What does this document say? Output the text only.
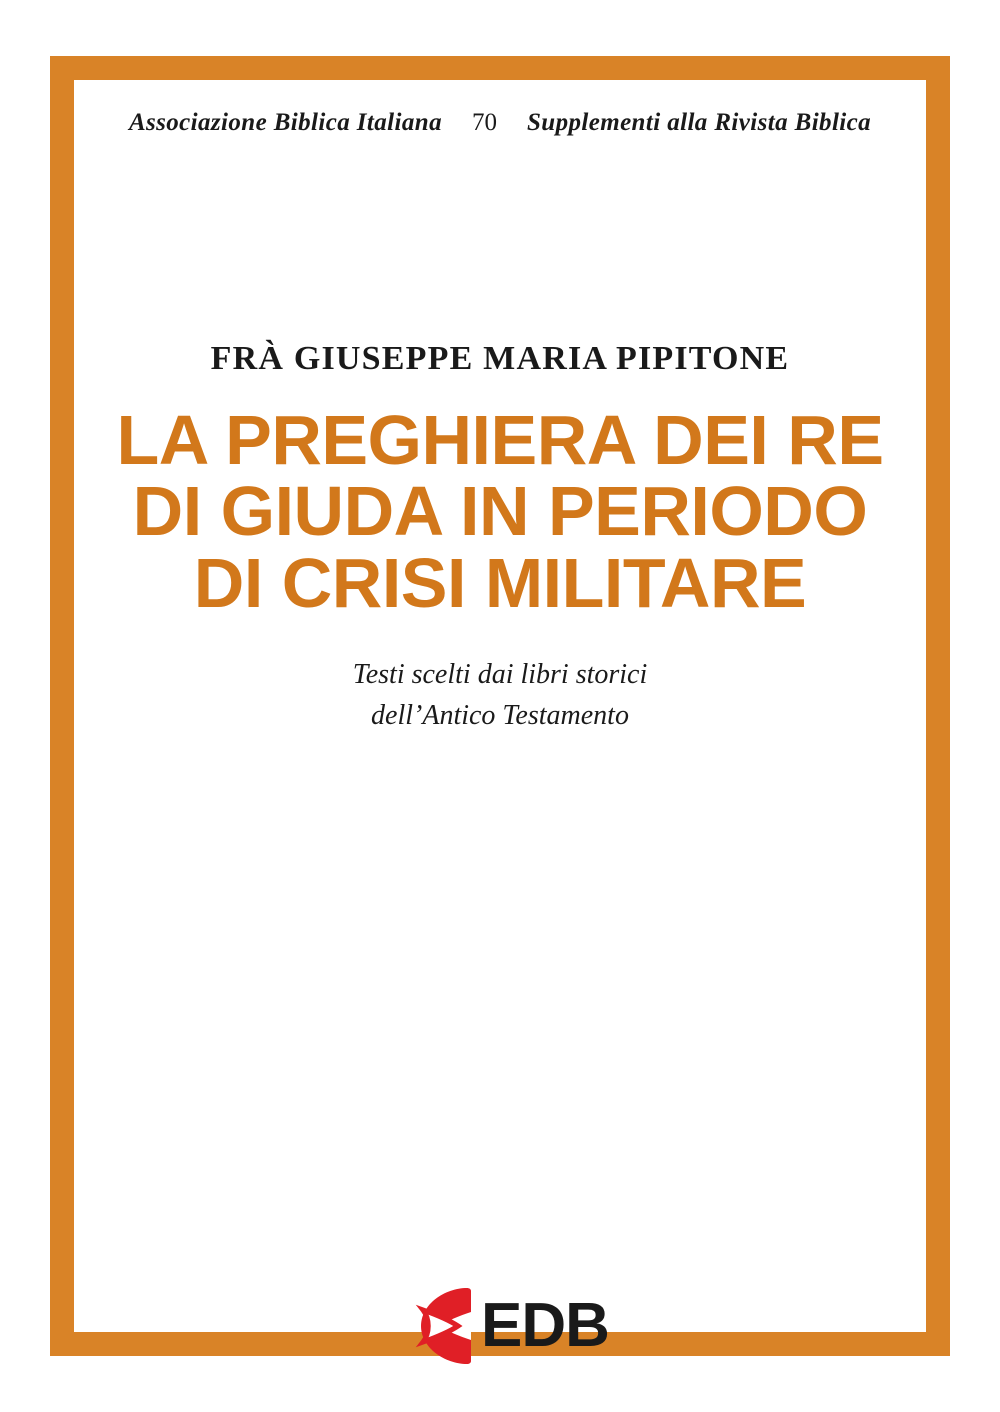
Associazione Biblica Italiana 70 Supplementi alla Rivista Biblica
FRÀ GIUSEPPE MARIA PIPITONE
LA PREGHIERA DEI RE
DI GIUDA IN PERIODO
DI CRISI MILITARE
Testi scelti dai libri storici
dell’Antico Testamento
EDB
